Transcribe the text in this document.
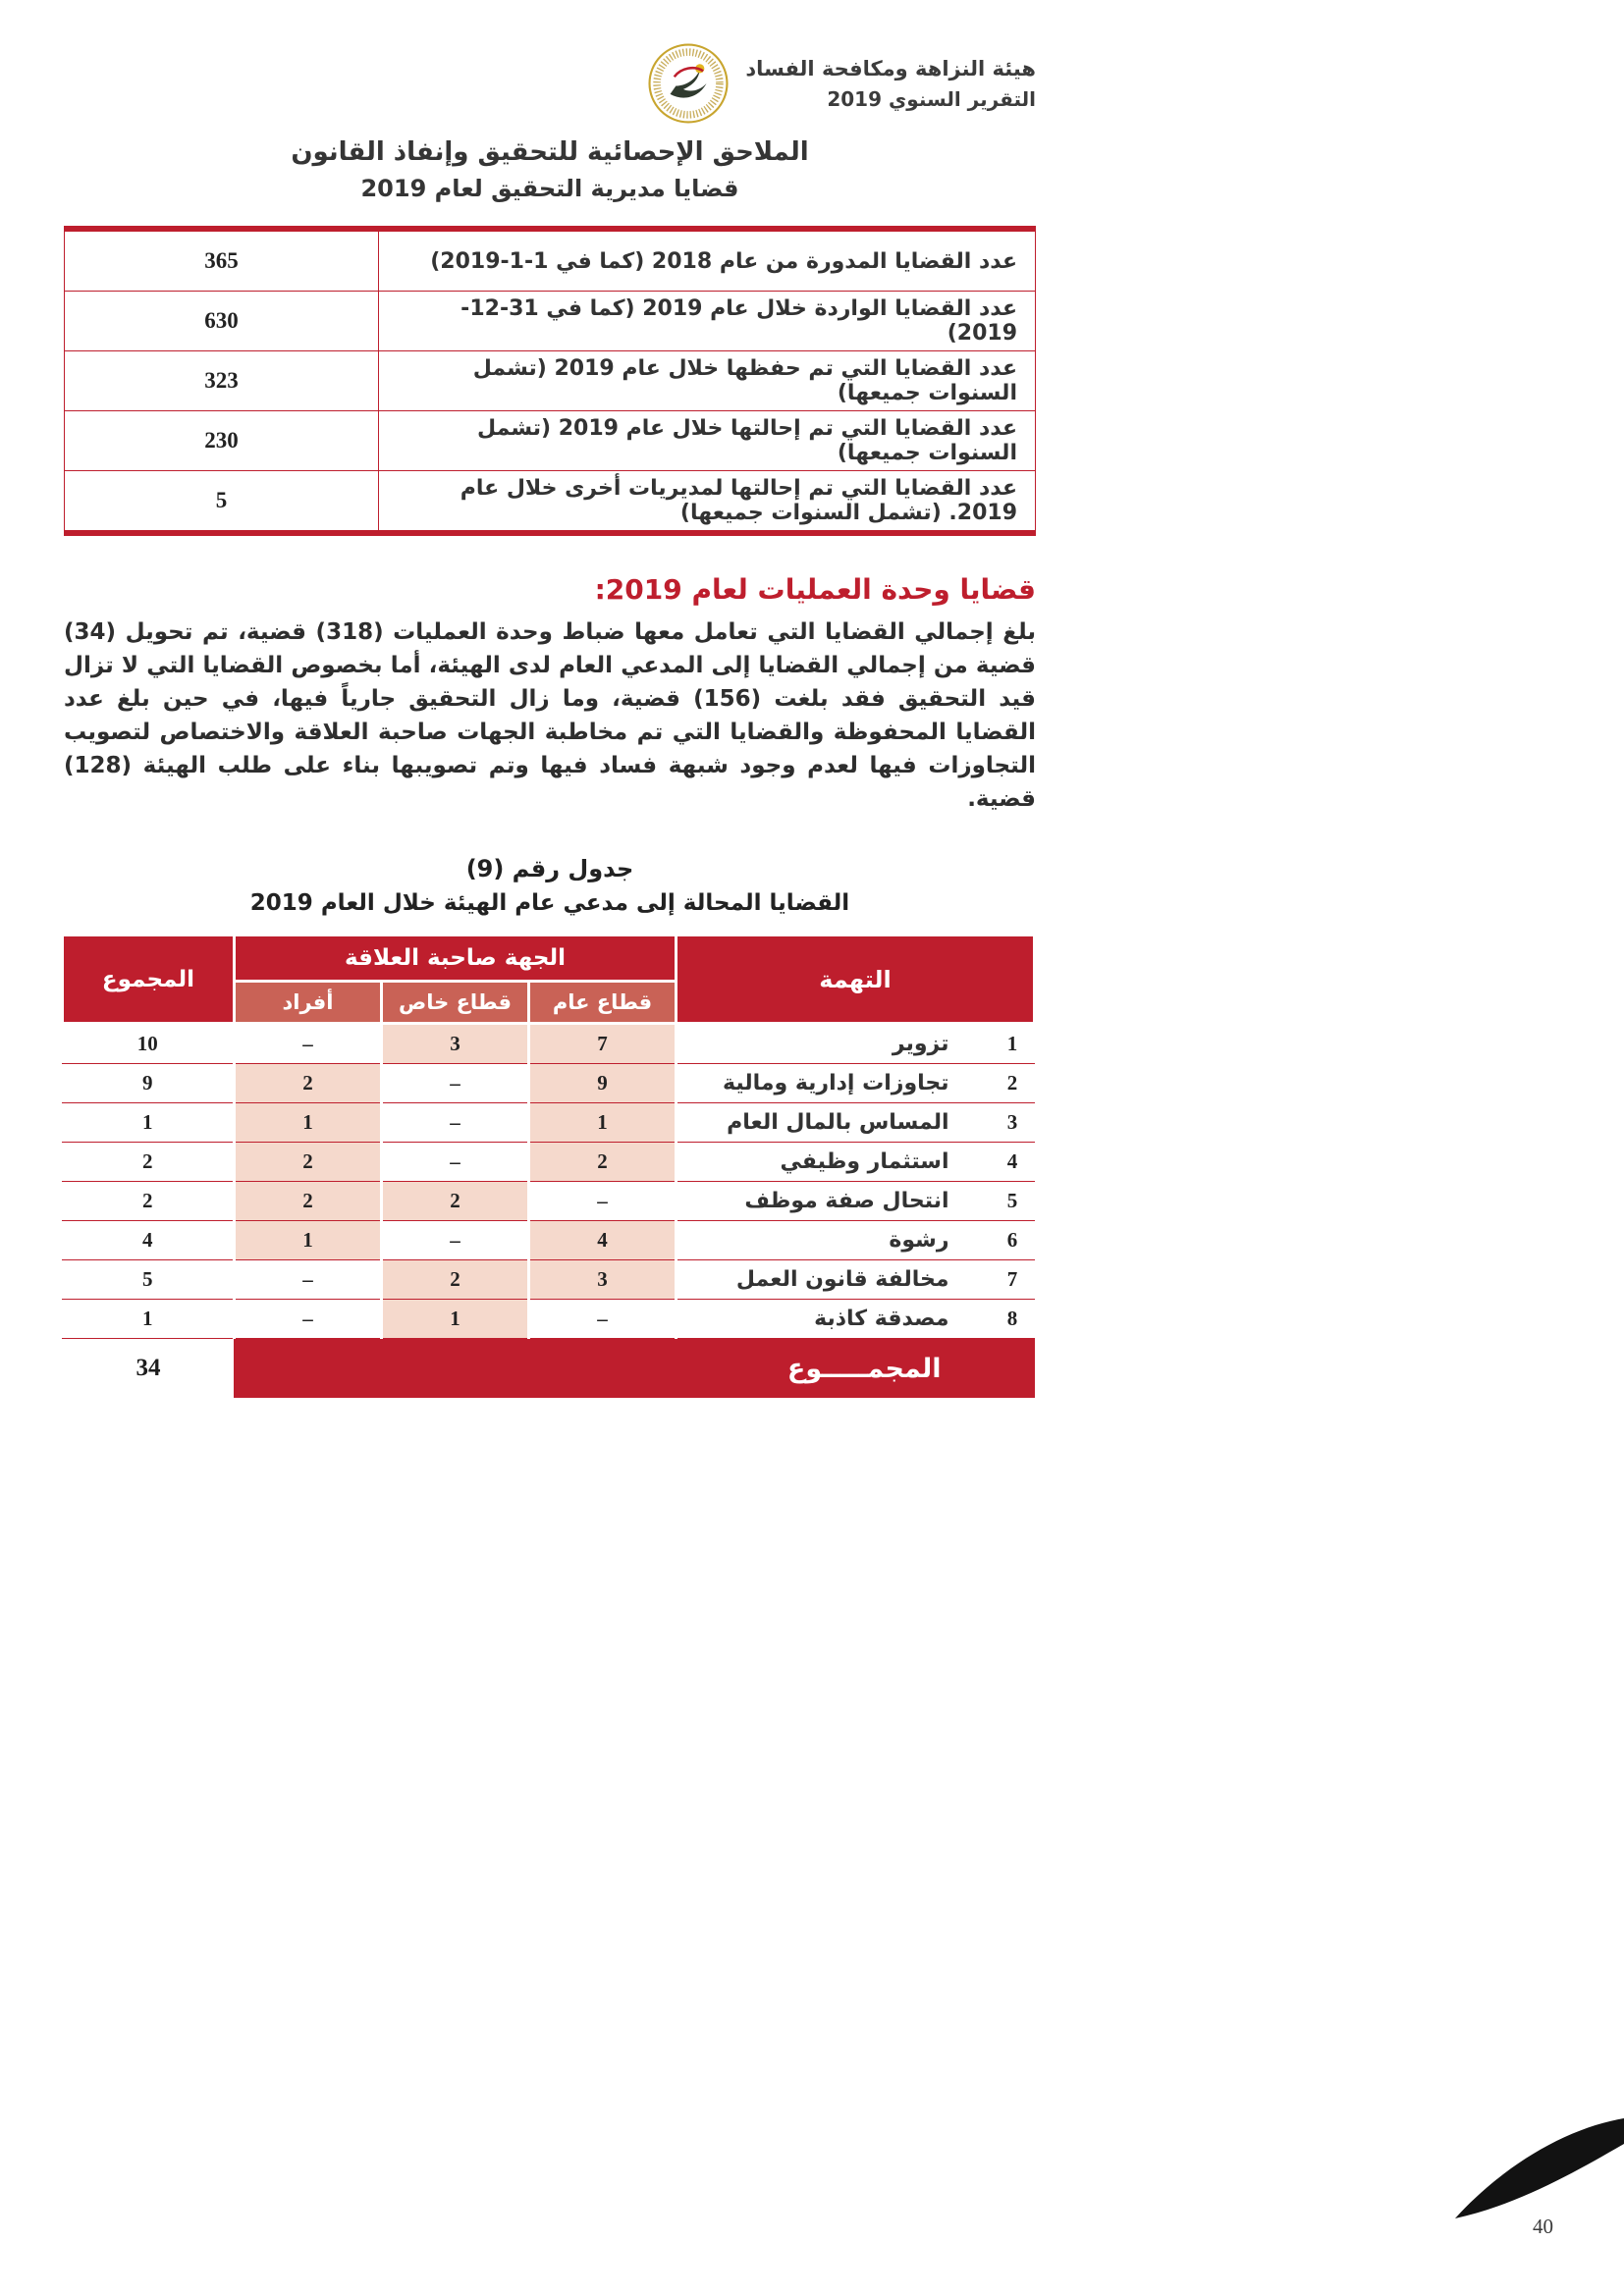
هيئة النزاهة ومكافحة الفساد
التقرير السنوي 2019
الملاحق الإحصائية للتحقيق وإنفاذ القانون
قضايا مديرية التحقيق لعام 2019
عدد القضايا المدورة من عام 2018 (كما في 1-1-2019)	365
عدد القضايا الواردة خلال عام 2019 (كما في 31-12-2019)	630
عدد القضايا التي تم حفظها خلال عام 2019 (تشمل السنوات جميعها)	323
عدد القضايا التي تم إحالتها خلال عام 2019 (تشمل السنوات جميعها)	230
عدد القضايا التي تم إحالتها لمديريات أخرى خلال عام 2019. (تشمل السنوات جميعها)	5
قضايا وحدة العمليات لعام 2019:

بلغ إجمالي القضايا التي تعامل معها ضباط وحدة العمليات (318) قضية، تم تحويل (34) قضية من إجمالي القضايا إلى المدعي العام لدى الهيئة، أما بخصوص القضايا التي لا تزال قيد التحقيق فقد بلغت (156) قضية، وما زال التحقيق جارياً فيها، في حين بلغ عدد القضايا المحفوظة والقضايا التي تم مخاطبة الجهات صاحبة العلاقة والاختصاص لتصويب التجاوزات فيها لعدم وجود شبهة فساد فيها وتم تصويبها بناء على طلب الهيئة (128) قضية.

جدول رقم (9)
القضايا المحالة إلى مدعي عام الهيئة خلال العام 2019
التهمة		الجهة صاحبة العلاقة			المجموع
		قطاع عام	قطاع خاص	أفراد	
1	تزوير	7	3	–	10
2	تجاوزات إدارية ومالية	9	–	2	9
3	المساس بالمال العام	1	–	1	1
4	استثمار وظيفي	2	–	2	2
5	انتحال صفة موظف	–	2	2	2
6	رشوة	4	–	1	4
7	مخالفة قانون العمل	3	2	–	5
8	مصدقة كاذبة	–	1	–	1
المجمـــــوع					34
40
